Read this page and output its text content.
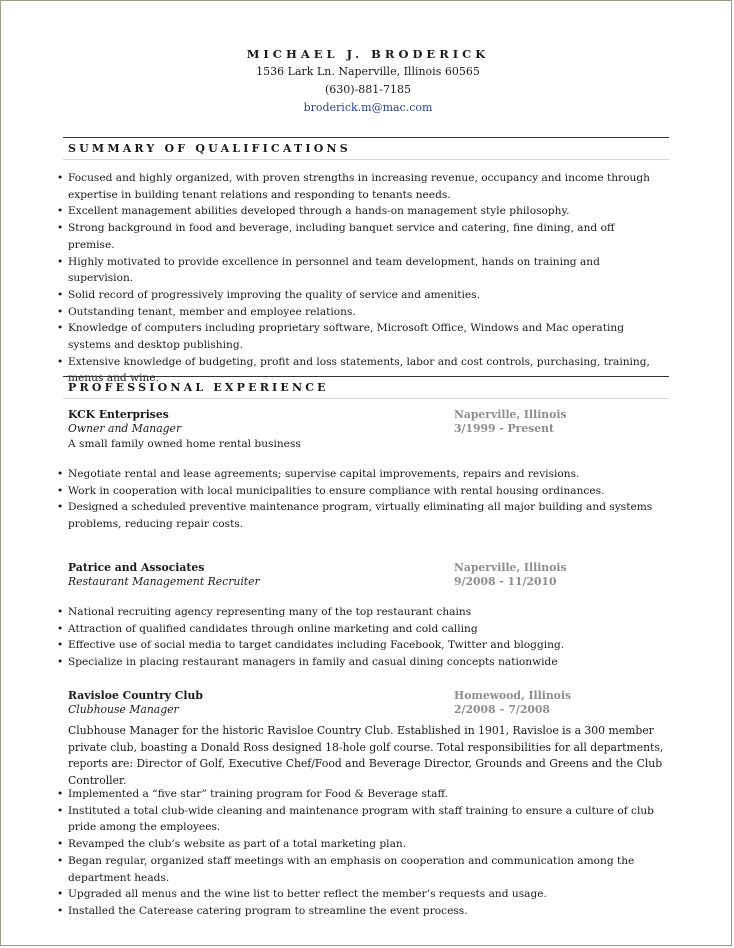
MICHAEL J. BRODERICK
1536 Lark Ln. Naperville, Illinois 60565
(630)-881-7185
broderick.m@mac.com
SUMMARY OF QUALIFICATIONS
• Focused and highly organized, with proven strengths in increasing revenue, occupancy and income through expertise in building tenant relations and responding to tenants needs.
• Excellent management abilities developed through a hands-on management style philosophy.
• Strong background in food and beverage, including banquet service and catering, fine dining, and off premise.
• Highly motivated to provide excellence in personnel and team development, hands on training and supervision.
• Solid record of progressively improving the quality of service and amenities.
• Outstanding tenant, member and employee relations.
• Knowledge of computers including proprietary software, Microsoft Office, Windows and Mac operating systems and desktop publishing.
• Extensive knowledge of budgeting, profit and loss statements, labor and cost controls, purchasing, training, menus and wine.
PROFESSIONAL EXPERIENCE
KCK Enterprises	Naperville, Illinois
Owner and Manager	3/1999 - Present
A small family owned home rental business
• Negotiate rental and lease agreements; supervise capital improvements, repairs and revisions.
• Work in cooperation with local municipalities to ensure compliance with rental housing ordinances.
• Designed a scheduled preventive maintenance program, virtually eliminating all major building and systems problems, reducing repair costs.
Patrice and Associates	Naperville, Illinois
Restaurant Management Recruiter	9/2008 - 11/2010
• National recruiting agency representing many of the top restaurant chains
• Attraction of qualified candidates through online marketing and cold calling
• Effective use of social media to target candidates including Facebook, Twitter and blogging.
• Specialize in placing restaurant managers in family and casual dining concepts nationwide
Ravisloe Country Club	Homewood, Illinois
Clubhouse Manager	2/2008 – 7/2008
Clubhouse Manager for the historic Ravisloe Country Club. Established in 1901, Ravisloe is a 300 member private club, boasting a Donald Ross designed 18-hole golf course. Total responsibilities for all departments, reports are: Director of Golf, Executive Chef/Food and Beverage Director, Grounds and Greens and the Club Controller.
• Implemented a “five star” training program for Food & Beverage staff.
• Instituted a total club-wide cleaning and maintenance program with staff training to ensure a culture of club pride among the employees.
• Revamped the club’s website as part of a total marketing plan.
• Began regular, organized staff meetings with an emphasis on cooperation and communication among the department heads.
• Upgraded all menus and the wine list to better reflect the member’s requests and usage.
• Installed the Caterease catering program to streamline the event process.
